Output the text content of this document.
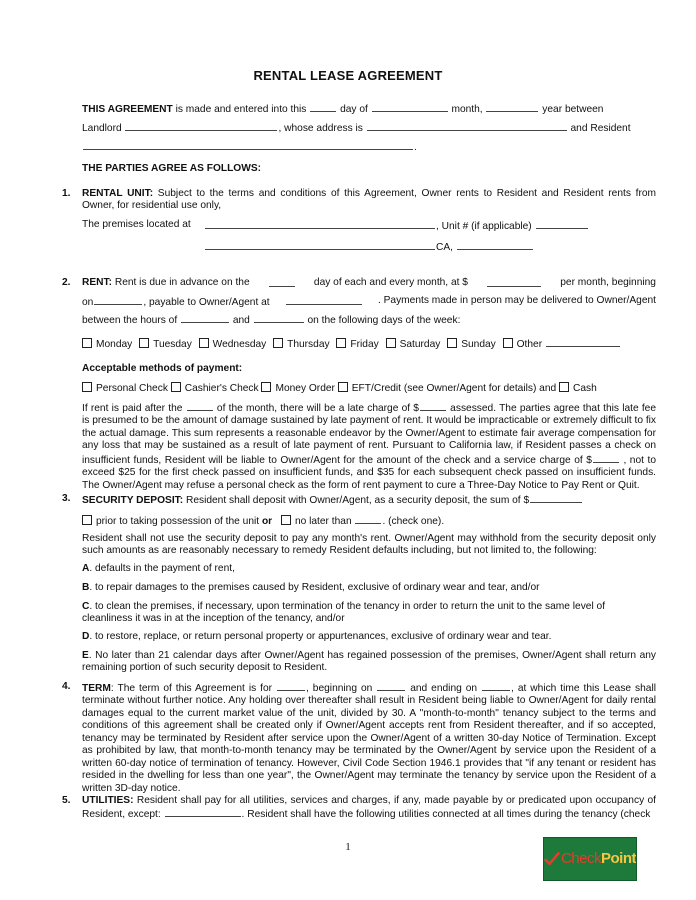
RENTAL LEASE AGREEMENT
THIS AGREEMENT is made and entered into this	day of	month,	year between
Landlord	, whose address is	and Resident
.
THE PARTIES AGREE AS FOLLOWS:
1. RENTAL UNIT: Subject to the terms and conditions of this Agreement, Owner rents to Resident and Resident rents from Owner, for residential use only,
The premises located at	, Unit # (if applicable)
CA,
2. RENT: Rent is due in advance on the	day of each and every month, at $	per month, beginning
on	, payable to Owner/Agent at	. Payments made in person may be delivered to Owner/Agent
between the hours of	and	on the following days of the week:
Monday Tuesday Wednesday Thursday Friday Saturday Sunday Other
Acceptable methods of payment:
Personal Check Cashier's Check Money Order EFT/Credit (see Owner/Agent for details) and Cash
If rent is paid after the	of the month, there will be a late charge of $	assessed. The parties agree that this late fee is presumed to be the amount of damage sustained by late payment of rent. It would be impracticable or extremely difficult to fix the actual damage. This sum represents a reasonable endeavor by the Owner/Agent to estimate fair average compensation for any loss that may be sustained as a result of late payment of rent. Pursuant to California law, if Resident passes a check on insufficient funds, Resident will be liable to Owner/Agent for the amount of the check and a service charge of $	, not to exceed $25 for the first check passed on insufficient funds, and $35 for each subsequent check passed on insufficient funds. The Owner/Agent may refuse a personal check as the form of rent payment to cure a Three-Day Notice to Pay Rent or Quit.
3. SECURITY DEPOSIT: Resident shall deposit with Owner/Agent, as a security deposit, the sum of $
prior to taking possession of the unit or no later than	. (check one).
Resident shall not use the security deposit to pay any month's rent. Owner/Agent may withhold from the security deposit only such amounts as are reasonably necessary to remedy Resident defaults including, but not limited to, the following:
A. defaults in the payment of rent,
B. to repair damages to the premises caused by Resident, exclusive of ordinary wear and tear, and/or
C. to clean the premises, if necessary, upon termination of the tenancy in order to return the unit to the same level of cleanliness it was in at the inception of the tenancy, and/or
D. to restore, replace, or return personal property or appurtenances, exclusive of ordinary wear and tear.
E. No later than 21 calendar days after Owner/Agent has regained possession of the premises, Owner/Agent shall return any remaining portion of such security deposit to Resident.
4. TERM: The term of this Agreement is for	, beginning on	and ending on	, at which time this Lease shall terminate without further notice. Any holding over thereafter shall result in Resident being liable to Owner/Agent for daily rental damages equal to the current market value of the unit, divided by 30. A "month-to-month" tenancy subject to the terms and conditions of this agreement shall be created only if Owner/Agent accepts rent from Resident thereafter, and if so accepted, tenancy may be terminated by Resident after service upon the Owner/Agent of a written 30-day Notice of Termination. Except as prohibited by law, that month-to-month tenancy may be terminated by the Owner/Agent by service upon the Resident of a written 60-day notice of termination of tenancy. However, Civil Code Section 1946.1 provides that "if any tenant or resident has resided in the dwelling for less than one year", the Owner/Agent may terminate the tenancy by service upon the Resident of a written 3D-day notice.
5. UTILITIES: Resident shall pay for all utilities, services and charges, if any, made payable by or predicated upon occupancy of Resident, except:	. Resident shall have the following utilities connected at all times during the tenancy (check
1
CheckPoint
